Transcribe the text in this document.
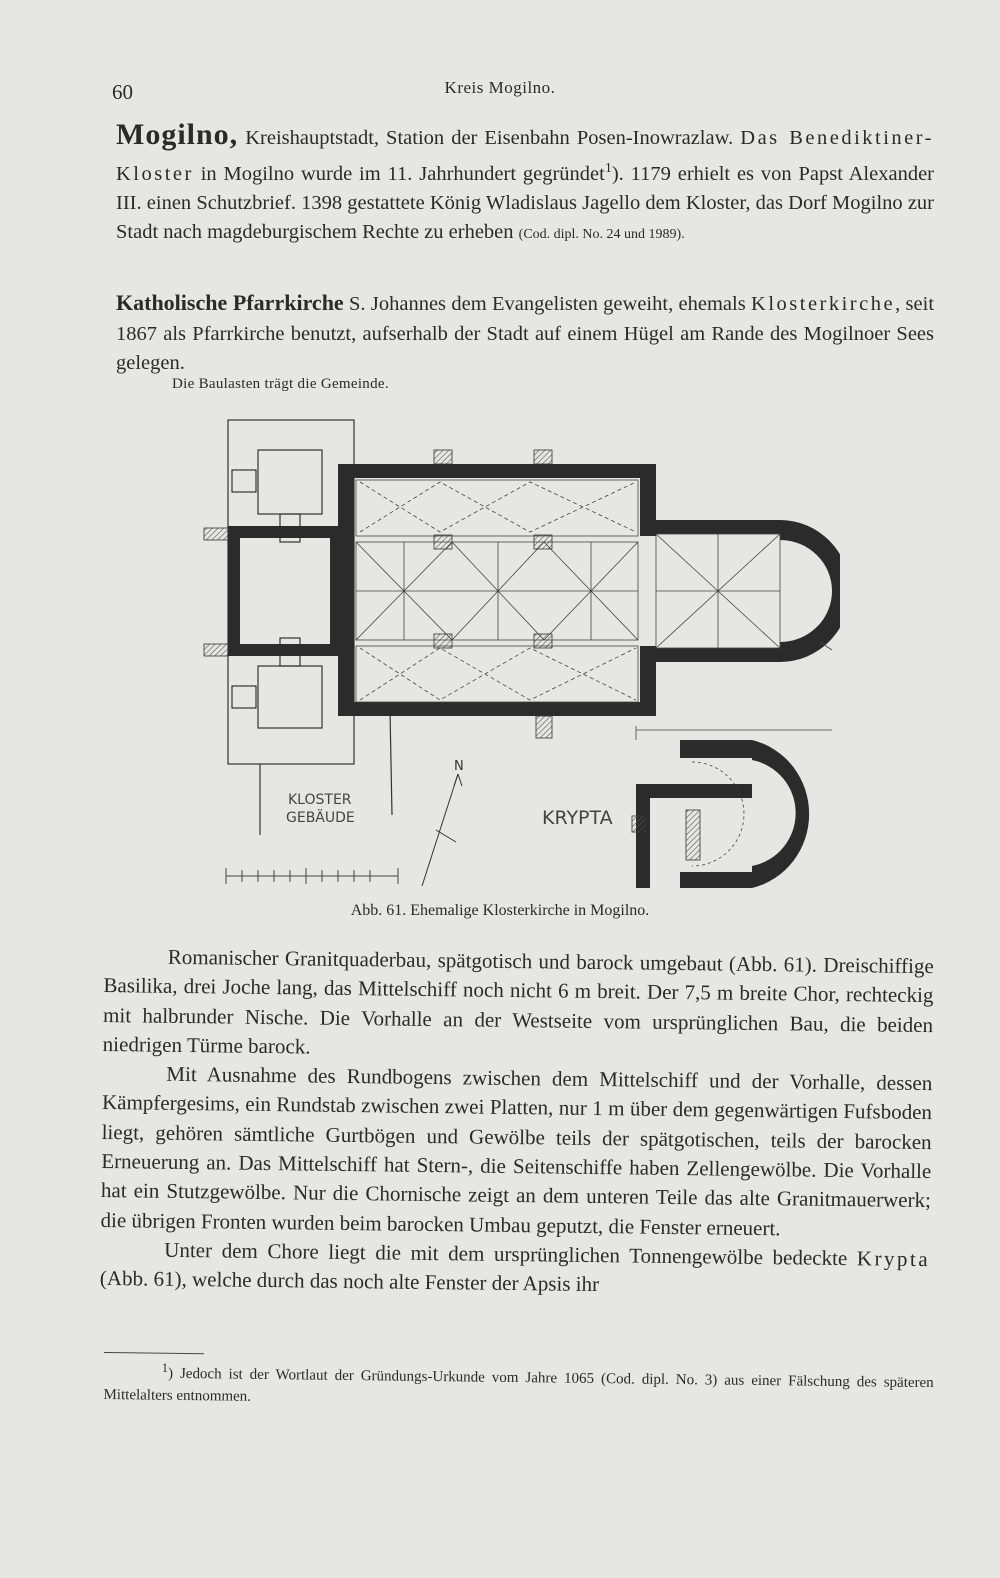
60	Kreis Mogilno.
Mogilno, Kreishauptstadt, Station der Eisenbahn Posen-Inowrazlaw. Das Benediktiner-Kloster in Mogilno wurde im 11. Jahrhundert gegründet$^1$). 1179 erhielt es von Papst Alexander III. einen Schutzbrief. 1398 gestattete König Wladislaus Jagello dem Kloster, das Dorf Mogilno zur Stadt nach magdeburgischem Rechte zu erheben (Cod. dipl. No. 24 und 1989).
Katholische Pfarrkirche S. Johannes dem Evangelisten geweiht, ehemals Klosterkirche, seit 1867 als Pfarrkirche benutzt, aufserhalb der Stadt auf einem Hügel am Rande des Mogilnoer Sees gelegen.
Die Baulasten trägt die Gemeinde.
N
KLOSTER
GEBÄUDE	KRYPTA
Abb. 61. Ehemalige Klosterkirche in Mogilno.

Romanischer Granitquaderbau, spätgotisch und barock umgebaut (Abb. 61). Dreischiffige Basilika, drei Joche lang, das Mittelschiff noch nicht 6 m breit. Der 7,5 m breite Chor, rechteckig mit halbrunder Nische. Die Vorhalle an der Westseite vom ursprünglichen Bau, die beiden niedrigen Türme barock.

Mit Ausnahme des Rundbogens zwischen dem Mittelschiff und der Vorhalle, dessen Kämpfergesims, ein Rundstab zwischen zwei Platten, nur 1 m über dem gegenwärtigen Fufsboden liegt, gehören sämtliche Gurtbögen und Gewölbe teils der spätgotischen, teils der barocken Erneuerung an. Das Mittelschiff hat Stern-, die Seitenschiffe haben Zellengewölbe. Die Vorhalle hat ein Stutzgewölbe. Nur die Chornische zeigt an dem unteren Teile das alte Granitmauerwerk; die übrigen Fronten wurden beim barocken Umbau geputzt, die Fenster erneuert.

Unter dem Chore liegt die mit dem ursprünglichen Tonnengewölbe bedeckte Krypta (Abb. 61), welche durch das noch alte Fenster der Apsis ihr

$^1$) Jedoch ist der Wortlaut der Gründungs-Urkunde vom Jahre 1065 (Cod. dipl. No. 3) aus einer Fälschung des späteren Mittelalters entnommen.
